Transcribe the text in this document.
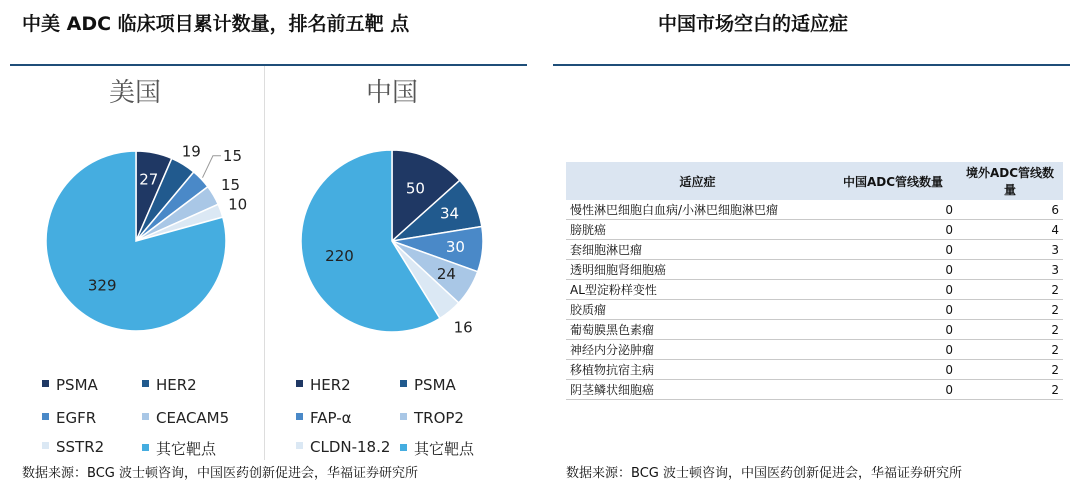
中美 ADC 临床项目累计数量，排名前五靶 点
美国	中国
27
19 15
15
10
329
50
34
30
24
16
220
PSMA	HER2
EGFR	CEACAM5
SSTR2	其它靶点
HER2	PSMA
FAP-α	TROP2
CLDN-18.2	其它靶点
数据来源：BCG 波士顿咨询，中国医药创新促进会，华福证券研究所
中国市场空白的适应症
适应症	中国ADC管线数量	境外ADC管线数量
慢性淋巴细胞白血病/小淋巴细胞淋巴瘤	0	6
膀胱癌	0	4
套细胞淋巴瘤	0	3
透明细胞肾细胞癌	0	3
AL型淀粉样变性	0	2
胶质瘤	0	2
葡萄膜黑色素瘤	0	2
神经内分泌肿瘤	0	2
移植物抗宿主病	0	2
阴茎鳞状细胞癌	0	2
数据来源：BCG 波士顿咨询，中国医药创新促进会，华福证券研究所
